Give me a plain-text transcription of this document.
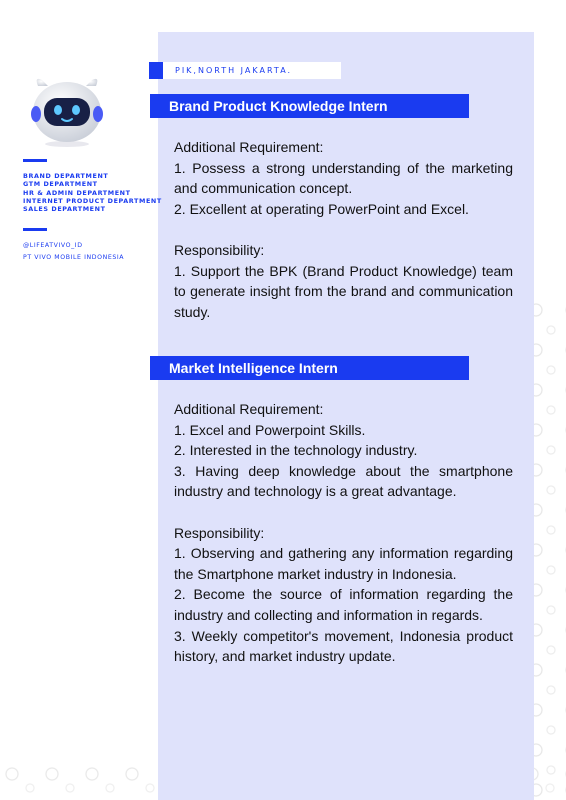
PIK,NORTH JAKARTA.
BRAND DEPARTMENT
GTM DEPARTMENT
HR & ADMIN DEPARTMENT
INTERNET PRODUCT DEPARTMENT
SALES DEPARTMENT
@LIFEATVIVO_ID
PT VIVO MOBILE INDONESIA
Brand Product Knowledge Intern

Additional Requirement:

1. Possess a strong understanding of the marketing and communication concept.

2. Excellent at operating PowerPoint and Excel.

Responsibility:

1. Support the BPK (Brand Product Knowledge) team to generate insight from the brand and communication study.

Market Intelligence Intern

Additional Requirement:

1. Excel and Powerpoint Skills.

2. Interested in the technology industry.

3. Having deep knowledge about the smartphone industry and technology is a great advantage.

Responsibility:

1. Observing and gathering any information regarding the Smartphone market industry in Indonesia.

2. Become the source of information regarding the industry and collecting and information in regards.

3. Weekly competitor's movement, Indonesia product history, and market industry update.
